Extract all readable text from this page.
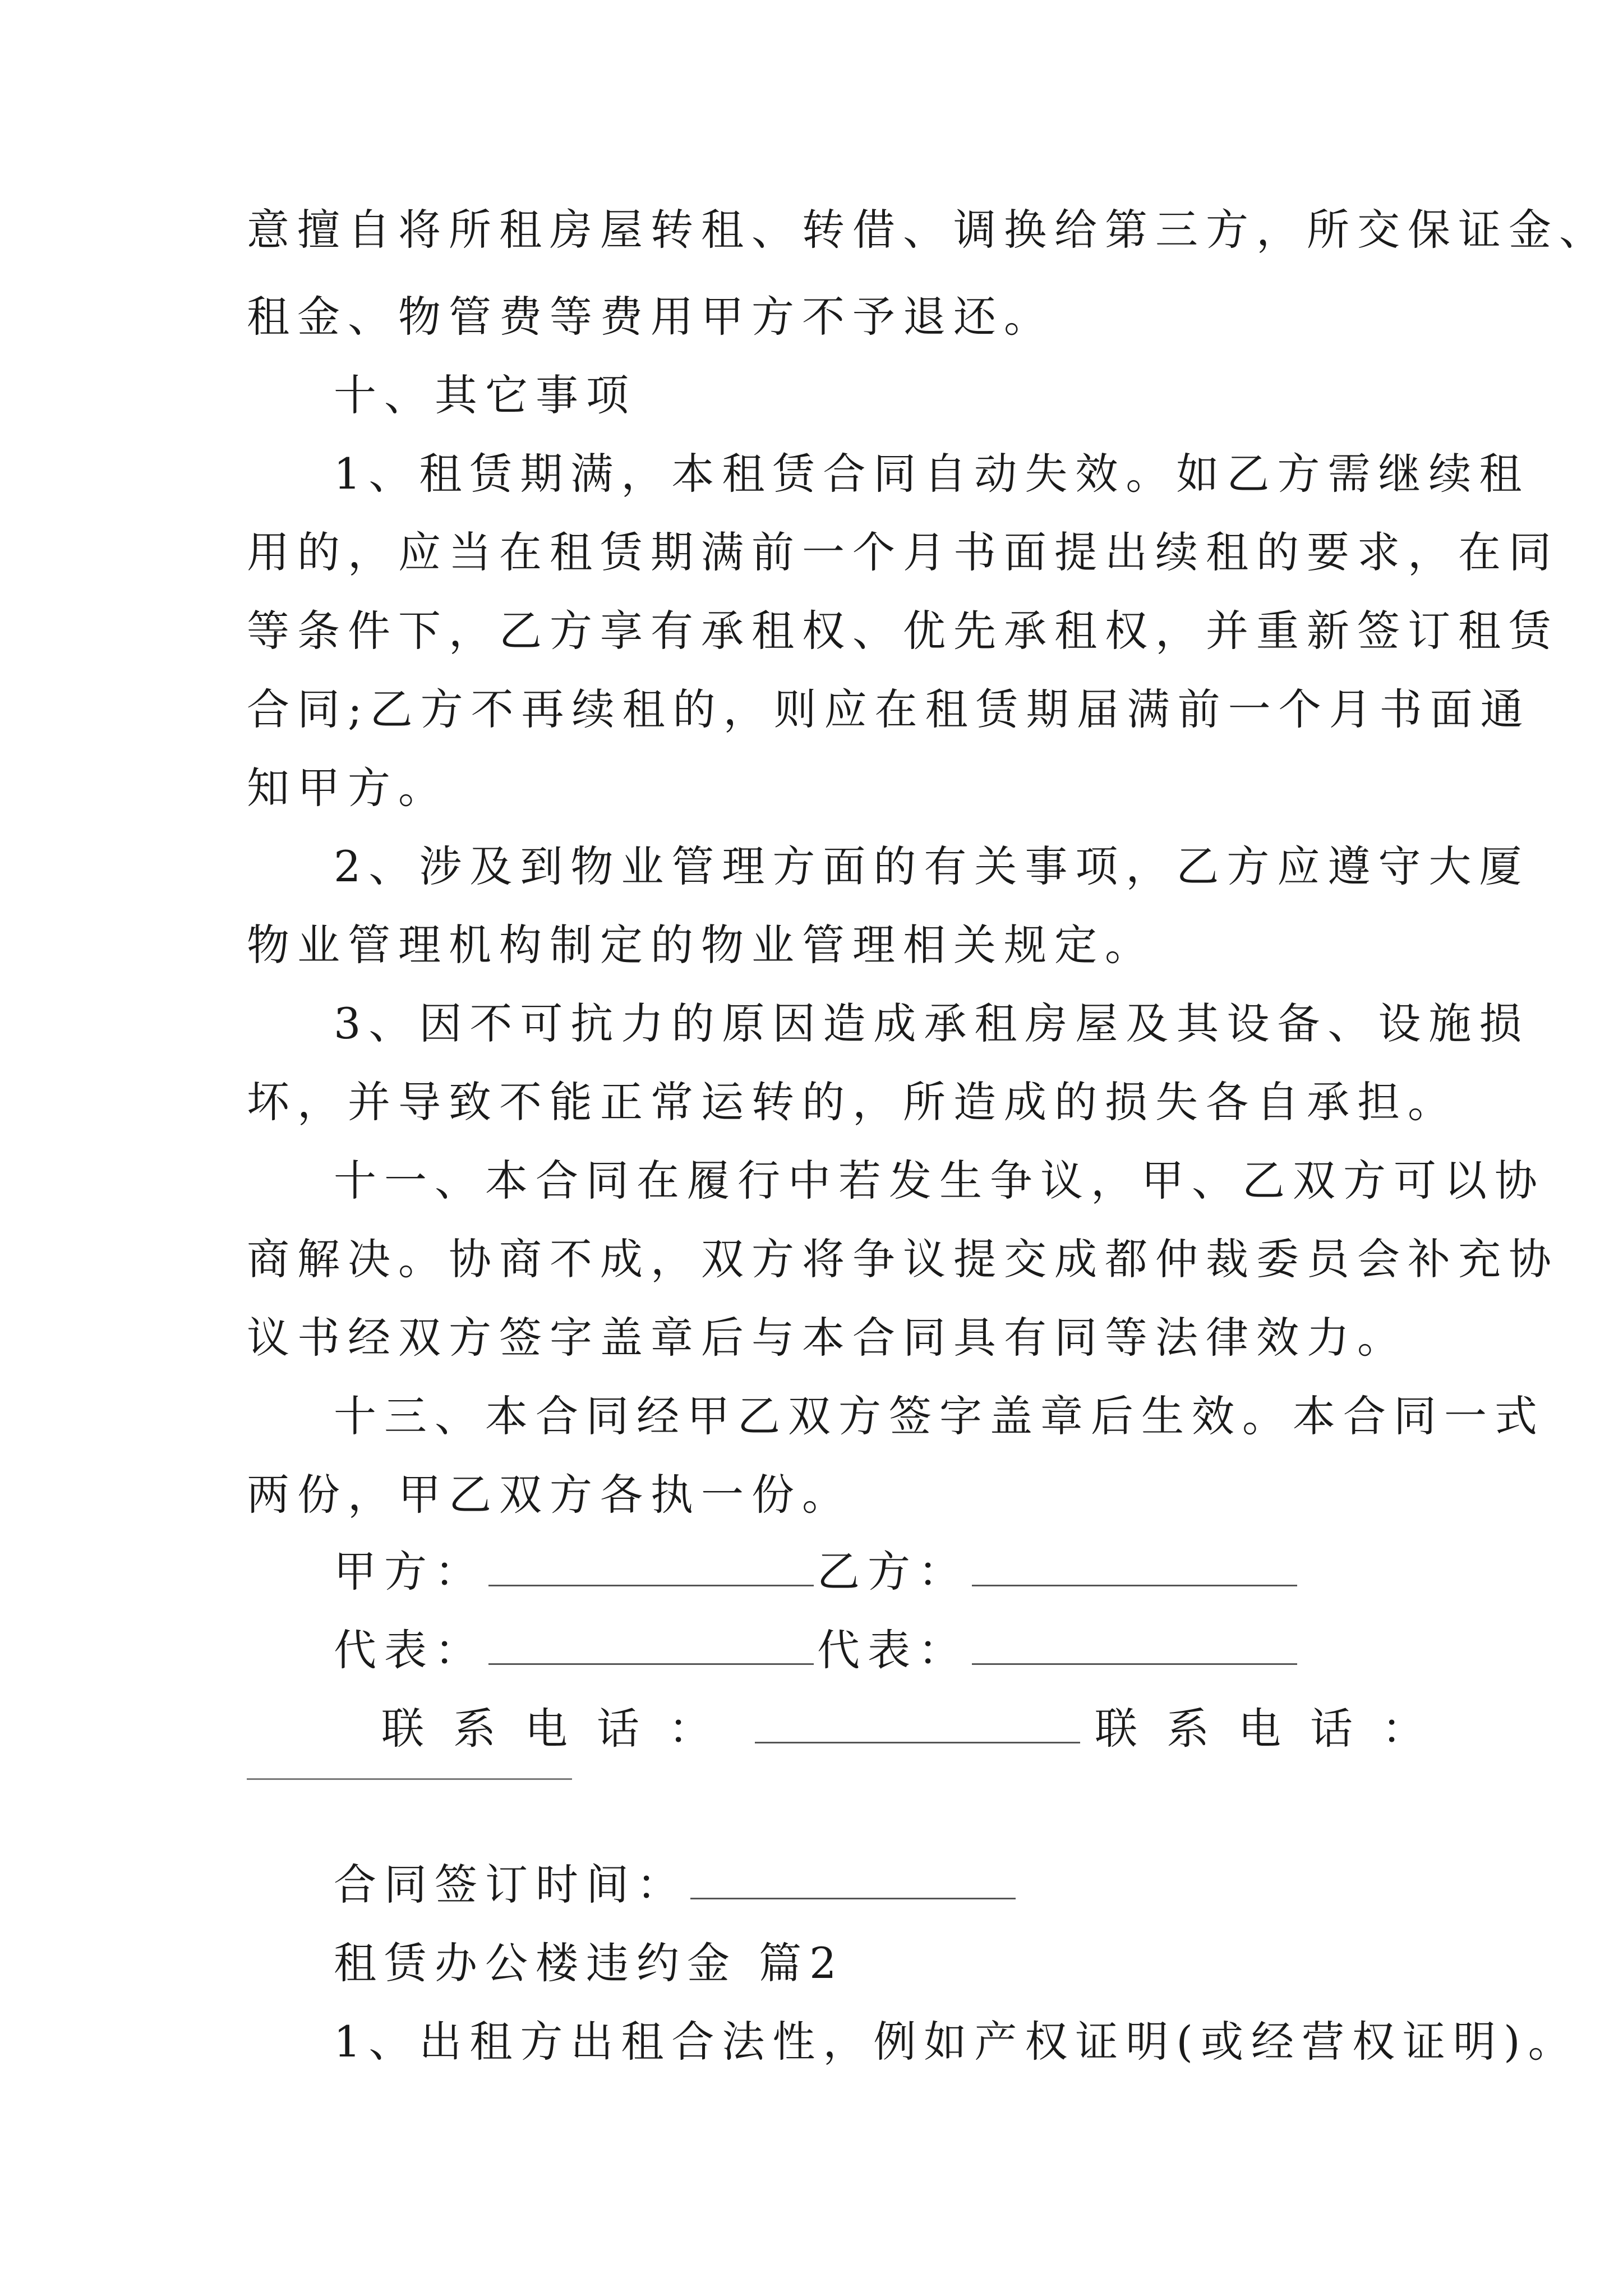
意擅自将所租房屋转租、转借、调换给第三方，所交保证金、
租金、物管费等费用甲方不予退还。
十、其它事项
1、租赁期满，本租赁合同自动失效。如乙方需继续租
用的，应当在租赁期满前一个月书面提出续租的要求，在同
等条件下，乙方享有承租权、优先承租权，并重新签订租赁
合同;乙方不再续租的，则应在租赁期届满前一个月书面通
知甲方。
2、涉及到物业管理方面的有关事项，乙方应遵守大厦
物业管理机构制定的物业管理相关规定。
3、因不可抗力的原因造成承租房屋及其设备、设施损
坏，并导致不能正常运转的，所造成的损失各自承担。
十一、本合同在履行中若发生争议，甲、乙双方可以协
商解决。协商不成，双方将争议提交成都仲裁委员会补充协
议书经双方签字盖章后与本合同具有同等法律效力。
十三、本合同经甲乙双方签字盖章后生效。本合同一式
两份，甲乙双方各执一份。
甲方：	乙方：
代表：	代表：
联系电话：	联系电话：
合同签订时间：
租赁办公楼违约金 篇2
1、出租方出租合法性，例如产权证明(或经营权证明)。
